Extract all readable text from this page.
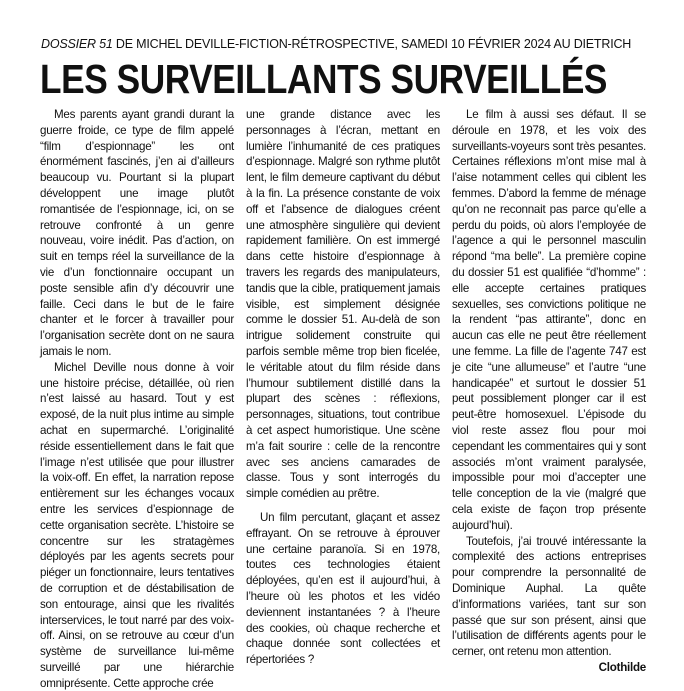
DOSSIER 51 DE MICHEL DEVILLE-FICTION-RÉTROSPECTIVE, SAMEDI 10 FÉVRIER 2024 AU DIETRICH
LES SURVEILLANTS SURVEILLÉS

Mes parents ayant grandi durant la guerre froide, ce type de film appelé “film d’espionnage” les ont énormément fascinés, j’en ai d’ailleurs beaucoup vu. Pourtant si la plupart développent une image plutôt romantisée de l’espionnage, ici, on se retrouve confronté à un genre nouveau, voire inédit. Pas d’action, on suit en temps réel la surveillance de la vie d’un fonctionnaire occupant un poste sensible afin d’y découvrir une faille. Ceci dans le but de le faire chanter et le forcer à travailler pour l’organisation secrète dont on ne saura jamais le nom.

Michel Deville nous donne à voir une histoire précise, détaillée, où rien n’est laissé au hasard. Tout y est exposé, de la nuit plus intime au simple achat en supermarché. L’originalité réside essentiellement dans le fait que l’image n’est utilisée que pour illustrer la voix-off. En effet, la narration repose entièrement sur les échanges vocaux entre les services d’espionnage de cette organisation secrète. L’histoire se concentre sur les stratagèmes déployés par les agents secrets pour piéger un fonctionnaire, leurs tentatives de corruption et de déstabilisation de son entourage, ainsi que les rivalités interservices, le tout narré par des voix-off. Ainsi, on se retrouve au cœur d’un système de surveillance lui-même surveillé par une hiérarchie omniprésente. Cette approche crée

une grande distance avec les personnages à l’écran, mettant en lumière l’inhumanité de ces pratiques d’espionnage. Malgré son rythme plutôt lent, le film demeure captivant du début à la fin. La présence constante de voix off et l’absence de dialogues créent une atmosphère singulière qui devient rapidement familière. On est immergé dans cette histoire d’espionnage à travers les regards des manipulateurs, tandis que la cible, pratiquement jamais visible, est simplement désignée comme le dossier 51. Au-delà de son intrigue solidement construite qui parfois semble même trop bien ficelée, le véritable atout du film réside dans l’humour subtilement distillé dans la plupart des scènes : réflexions, personnages, situations, tout contribue à cet aspect humoristique. Une scène m’a fait sourire : celle de la rencontre avec ses anciens camarades de classe. Tous y sont interrogés du simple comédien au prêtre.

Un film percutant, glaçant et assez effrayant. On se retrouve à éprouver une certaine paranoïa. Si en 1978, toutes ces technologies étaient déployées, qu’en est il aujourd’hui, à l’heure où les photos et les vidéo deviennent instantanées ? à l’heure des cookies, où chaque recherche et chaque donnée sont collectées et répertoriées ?

Le film à aussi ses défaut. Il se déroule en 1978, et les voix des surveillants-voyeurs sont très pesantes. Certaines réflexions m’ont mise mal à l’aise notamment celles qui ciblent les femmes. D’abord la femme de ménage qu’on ne reconnait pas parce qu’elle a perdu du poids, où alors l’employée de l’agence a qui le personnel masculin répond “ma belle”. La première copine du dossier 51 est qualifiée “d’homme” : elle accepte certaines pratiques sexuelles, ses convictions politique ne la rendent “pas attirante”, donc en aucun cas elle ne peut être réellement une femme. La fille de l’agente 747 est je cite “une allumeuse” et l’autre “une handicapée” et surtout le dossier 51 peut possiblement plonger car il est peut-être homosexuel. L’épisode du viol reste assez flou pour moi cependant les commentaires qui y sont associés m’ont vraiment paralysée, impossible pour moi d’accepter une telle conception de la vie (malgré que cela existe de façon trop présente aujourd’hui).

Toutefois, j’ai trouvé intéressante la complexité des actions entreprises pour comprendre la personnalité de Dominique Auphal. La quête d’informations variées, tant sur son passé que sur son présent, ainsi que l’utilisation de différents agents pour le cerner, ont retenu mon attention.

Clothilde
